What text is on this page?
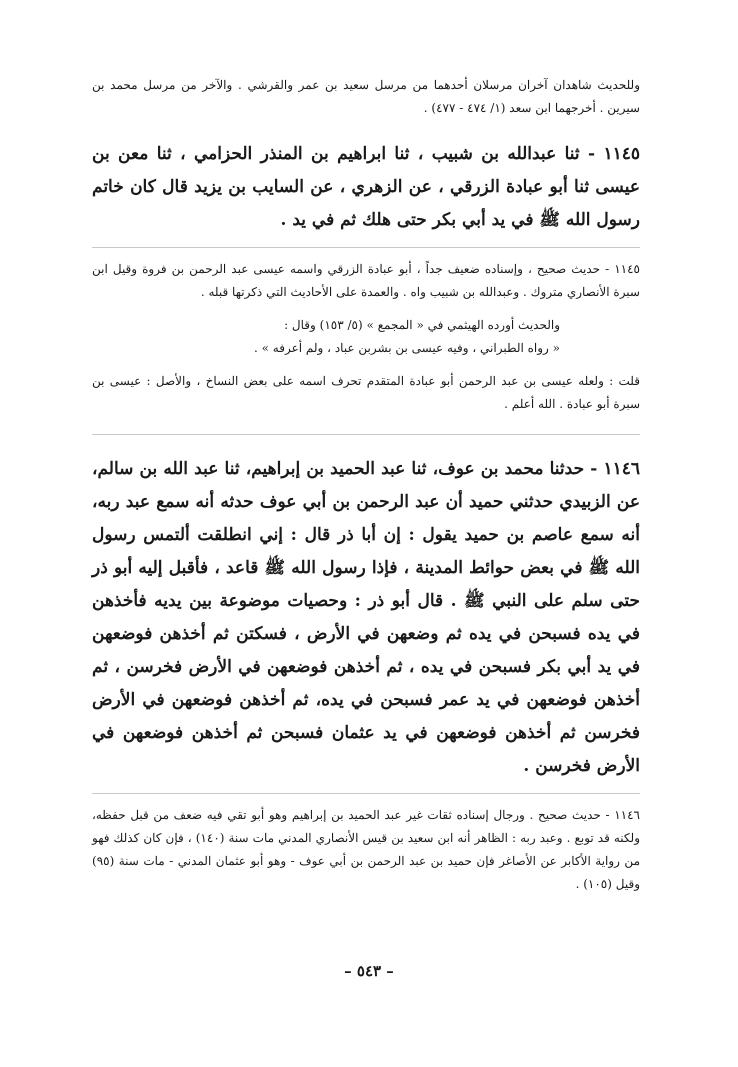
وللحديث شاهدان آخران مرسلان أحدهما من مرسل سعيد بن عمر والقرشي . والآخر من مرسل محمد بن سيرين . أخرجهما ابن سعد (١/ ٤٧٤ - ٤٧٧) .

١١٤٥ - ثنا عبدالله بن شبيب ، ثنا ابراهيم بن المنذر الحزامي ، ثنا معن بن عيسى ثنا أبو عبادة الزرقي ، عن الزهري ، عن السايب بن يزيد قال كان خاتم رسول الله ﷺ في يد أبي بكر حتى هلك ثم في يد .

١١٤٥ - حديث صحيح ، وإسناده ضعيف جداً ، أبو عبادة الزرقي واسمه عيسى عبد الرحمن بن فروة وقيل ابن سبرة الأنصاري متروك . وعبدالله بن شبيب واه . والعمدة على الأحاديث التي ذكرتها قبله .

والحديث أورده الهيثمي في « المجمع » (٥/ ١٥٣) وقال :

« رواه الطبراني ، وفيه عيسى بن بشربن عباد ، ولم أعرفه » .

قلت : ولعله عيسى بن عبد الرحمن أبو عبادة المتقدم تحرف اسمه على بعض النساخ ، والأصل : عيسى بن سبرة أبو عبادة . الله أعلم .

١١٤٦ - حدثنا محمد بن عوف، ثنا عبد الحميد بن إبراهيم، ثنا عبد الله بن سالم، عن الزبيدي حدثني حميد أن عبد الرحمن بن أبي عوف حدثه أنه سمع عبد ربه، أنه سمع عاصم بن حميد يقول : إن أبا ذر قال : إني انطلقت ألتمس رسول الله ﷺ في بعض حوائط المدينة ، فإذا رسول الله ﷺ قاعد ، فأقبل إليه أبو ذر حتى سلم على النبي ﷺ . قال أبو ذر : وحصيات موضوعة بين يديه فأخذهن في يده فسبحن في يده ثم وضعهن في الأرض ، فسكتن ثم أخذهن فوضعهن في يد أبي بكر فسبحن في يده ، ثم أخذهن فوضعهن في الأرض فخرسن ، ثم أخذهن فوضعهن في يد عمر فسبحن في يده، ثم أخذهن فوضعهن في الأرض فخرسن ثم أخذهن فوضعهن في يد عثمان فسبحن ثم أخذهن فوضعهن في الأرض فخرسن .

١١٤٦ - حديث صحيح . ورجال إسناده ثقات غير عبد الحميد بن إبراهيم وهو أبو تقي فيه ضعف من قبل حفظه، ولكنه قد توبع . وعبد ربه : الظاهر أنه ابن سعيد بن قيس الأنصاري المدني مات سنة (١٤٠) ، فإن كان كذلك فهو من رواية الأكابر عن الأصاغر فإن حميد بن عبد الرحمن بن أبي عوف - وهو أبو عثمان المدني - مات سنة (٩٥) وقيل (١٠٥) .

– ٥٤٣ –
